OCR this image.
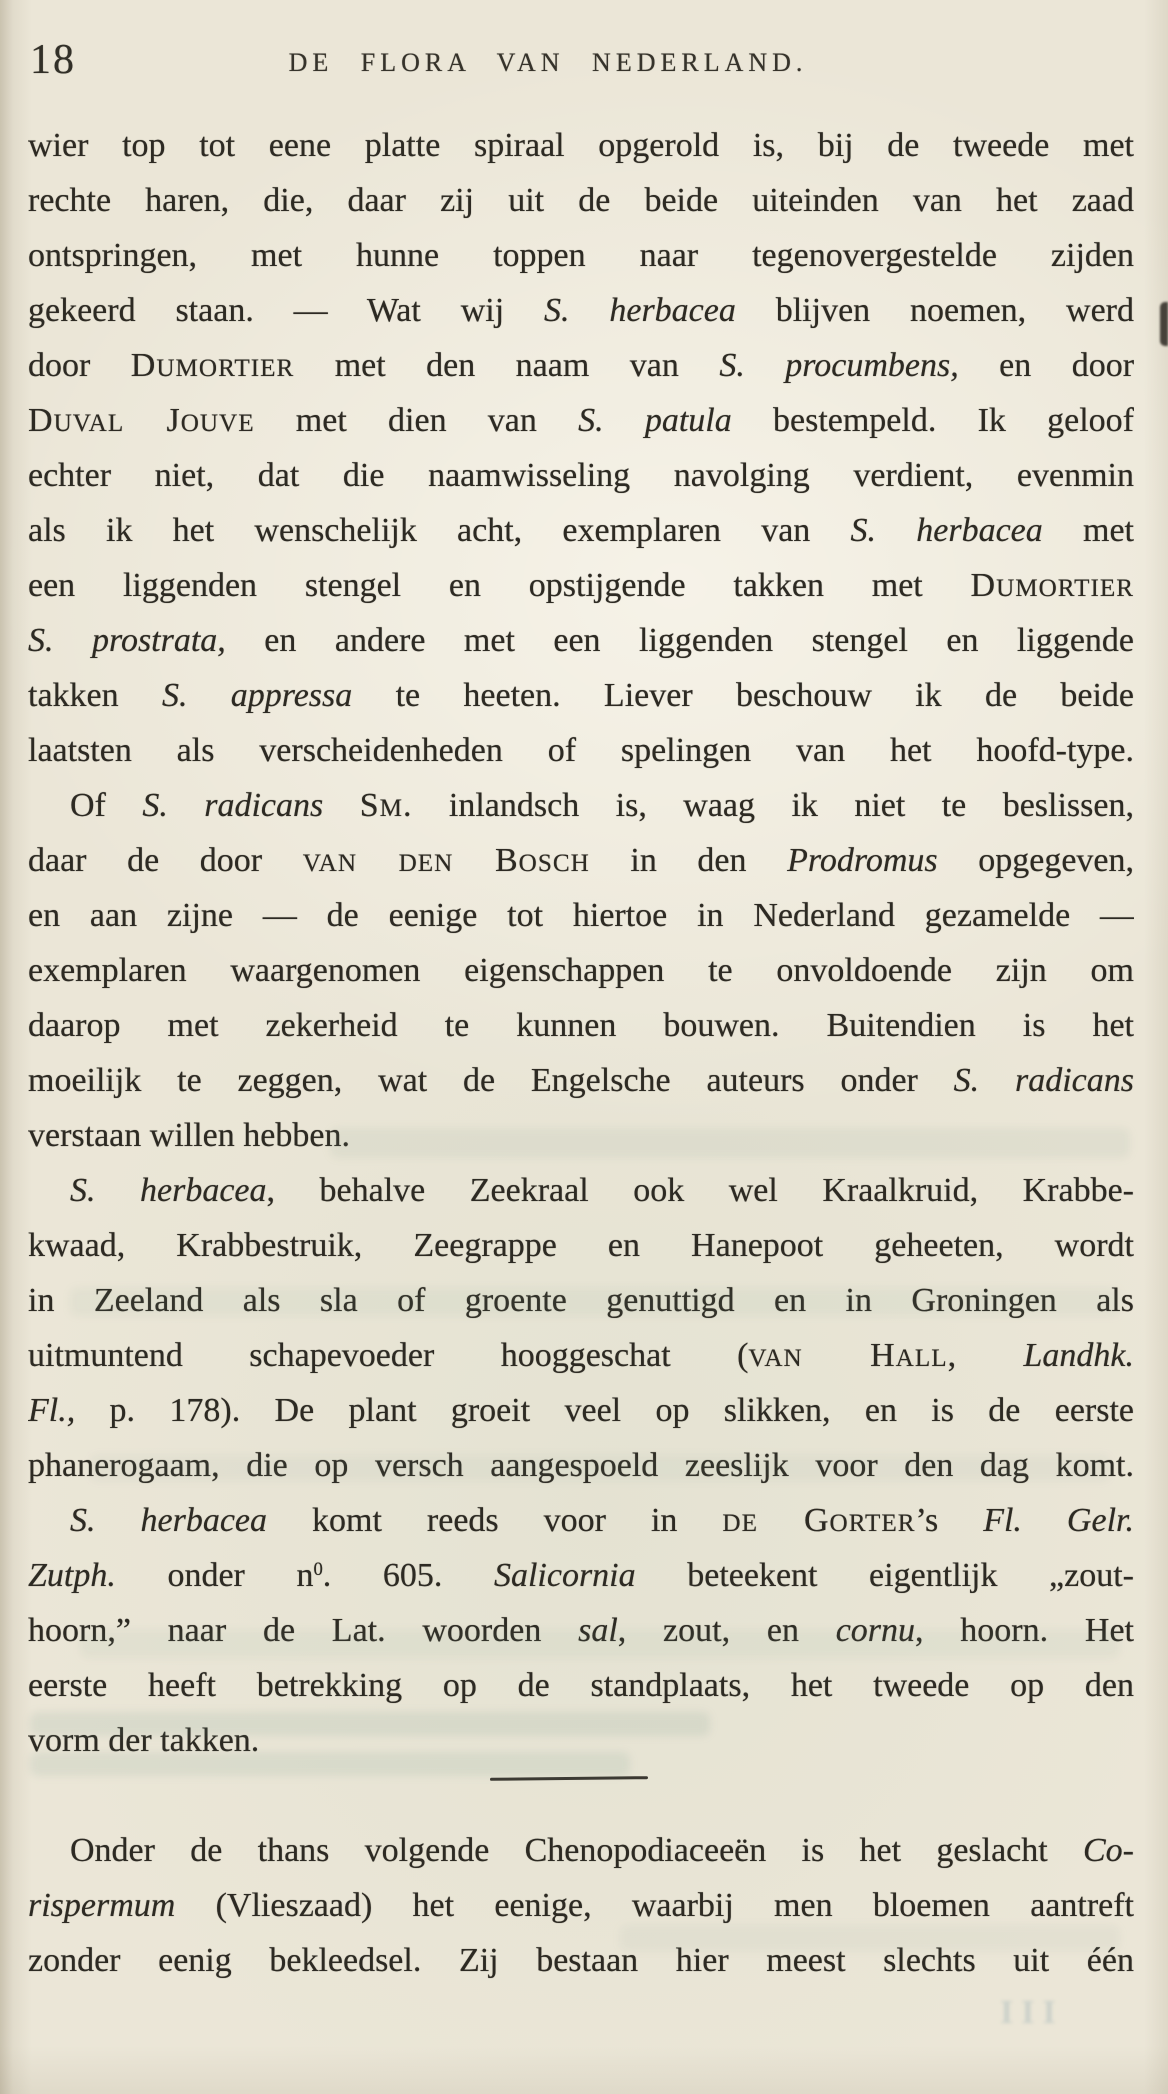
18	DE FLORA VAN NEDERLAND.
wier top tot eene platte spiraal opgerold is, bij de tweede met
rechte haren, die, daar zij uit de beide uiteinden van het zaad
ontspringen, met hunne toppen naar tegenovergestelde zijden
gekeerd staan. — Wat wij S. herbacea blijven noemen, werd
door DUMORTIER met den naam van S. procumbens, en door
DUVAL JOUVE met dien van S. patula bestempeld. Ik geloof
echter niet, dat die naamwisseling navolging verdient, evenmin
als ik het wenschelijk acht, exemplaren van S. herbacea met
een liggenden stengel en opstijgende takken met DUMORTIER
S. prostrata, en andere met een liggenden stengel en liggende
takken S. appressa te heeten. Liever beschouw ik de beide
laatsten als verscheidenheden of spelingen van het hoofd-type.
Of S. radicans SM. inlandsch is, waag ik niet te beslissen,
daar de door VAN DEN BOSCH in den Prodromus opgegeven,
en aan zijne — de eenige tot hiertoe in Nederland gezamelde —
exemplaren waargenomen eigenschappen te onvoldoende zijn om
daarop met zekerheid te kunnen bouwen. Buitendien is het
moeilijk te zeggen, wat de Engelsche auteurs onder S. radicans
verstaan willen hebben.
S. herbacea, behalve Zeekraal ook wel Kraalkruid, Krabbe-
kwaad, Krabbestruik, Zeegrappe en Hanepoot geheeten, wordt
in Zeeland als sla of groente genuttigd en in Groningen als
uitmuntend schapevoeder hooggeschat (VAN HALL, Landhk.
Fl., p. 178). De plant groeit veel op slikken, en is de eerste
phanerogaam, die op versch aangespoeld zeeslijk voor den dag komt.
S. herbacea komt reeds voor in DE GORTER’s Fl. Gelr.
Zutph. onder $n^0$. 605. Salicornia beteekent eigentlijk „zout-
hoorn,” naar de Lat. woorden sal, zout, en cornu, hoorn. Het
eerste heeft betrekking op de standplaats, het tweede op den
vorm der takken.
Onder de thans volgende Chenopodiaceeën is het geslacht Co-
rispermum (Vlieszaad) het eenige, waarbij men bloemen aantreft
zonder eenig bekleedsel. Zij bestaan hier meest slechts uit één
III
